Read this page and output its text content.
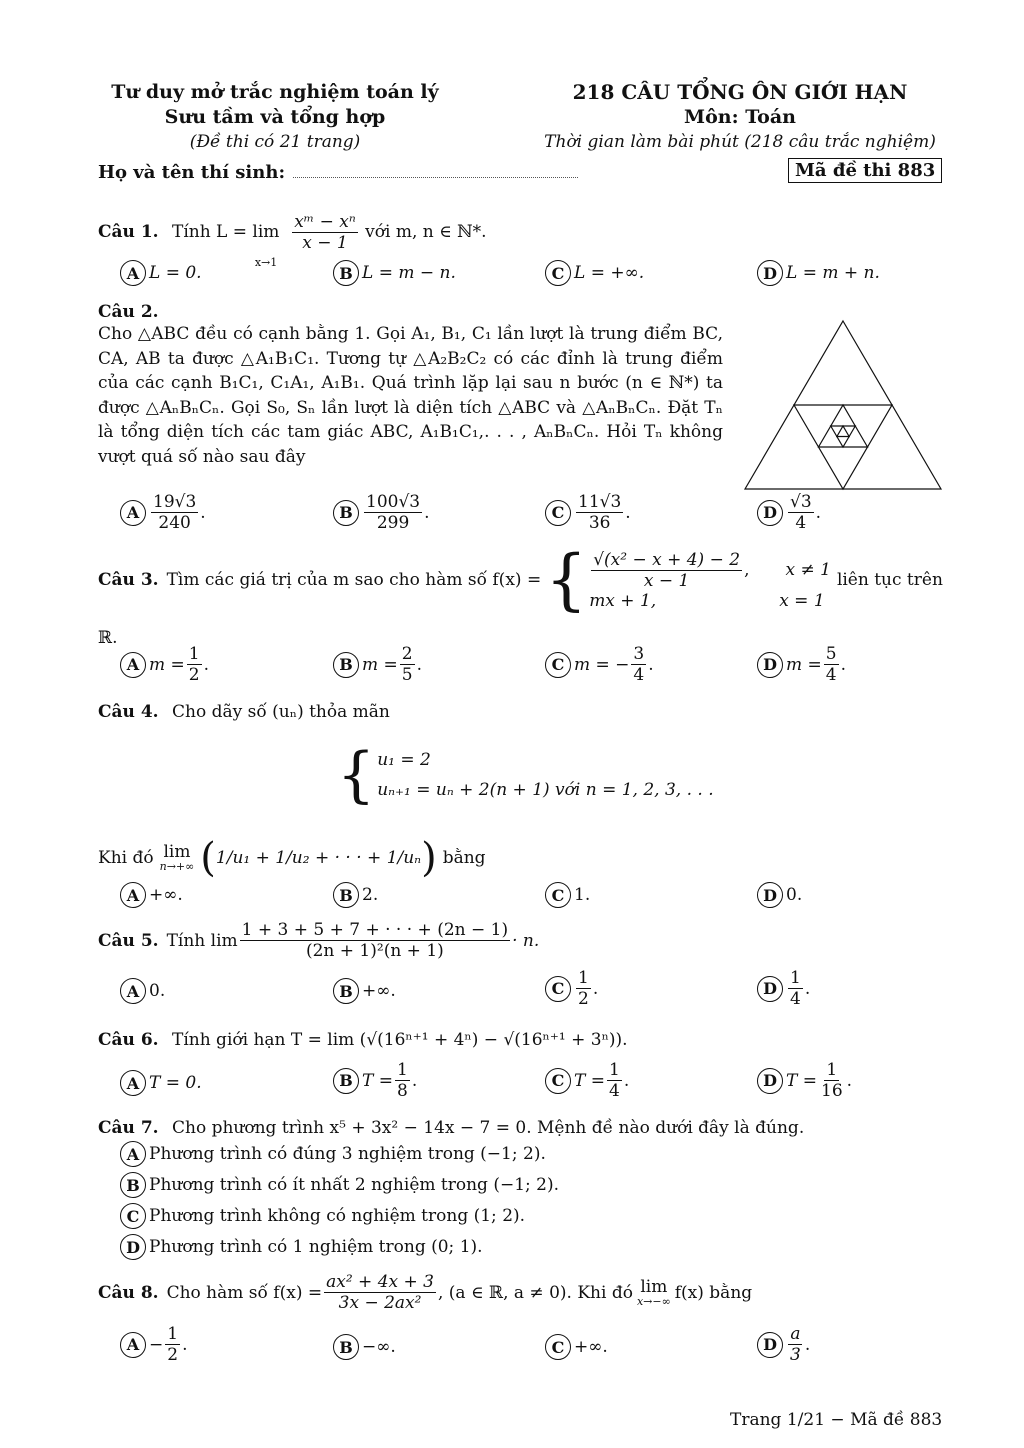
Tư duy mở trắc nghiệm toán lý
Sưu tầm và tổng hợp
(Đề thi có 21 trang)
218 CÂU TỔNG ÔN GIỚI HẠN
Môn: Toán
Thời gian làm bài phút (218 câu trắc nghiệm)
Họ và tên thí sinh:	Mã đề thi 883
Câu 1. Tính L = lim
x→1

$\frac{\text{xᵐ − xⁿ}}{x - 1}$ với m, n ∈ ℕ*.
A L = 0.	B L = m − n.	C L = +∞.	D L = m + n.
Câu 2.
Cho △ABC đều có cạnh bằng 1. Gọi A₁, B₁, C₁ lần lượt là trung điểm BC, CA, AB ta được △A₁B₁C₁. Tương tự △A₂B₂C₂ có các đỉnh là trung điểm của các cạnh B₁C₁, C₁A₁, A₁B₁. Quá trình lặp lại sau n bước (n ∈ ℕ*) ta được △AₙBₙCₙ. Gọi S₀, Sₙ lần lượt là diện tích △ABC và △AₙBₙCₙ. Đặt Tₙ là tổng diện tích các tam giác ABC, A₁B₁C₁,. . . , AₙBₙCₙ. Hỏi Tₙ không vượt quá số nào sau đây
A $\frac{19√3}{240}$ .	B $\frac{100√3}{299}$ .	C $\frac{11√3}{36}$ .	D $\frac{√3}{4}$ .
Câu 3. Tìm các giá trị của m sao cho hàm số f(x) = { $\frac{\text{√(x² − x + 4) − 2}}{x - 1}$ , x ≠ 1
mx + 1,	x = 1
liên tục trên
ℝ.
A $m = \frac{1}{2}$ .	B $m = \frac{2}{5}$ .	C m = − $\frac{3}{4}$ .	D $m = \frac{5}{4}$ .
Câu 4. Cho dãy số (uₙ) thỏa mãn
{ u₁ = 2
uₙ₊₁ = uₙ + 2(n + 1) với n = 1, 2, 3, . . .
Khi đó lim
n→+∞ ( 1/u₁ + 1/u₂ + · · · + 1/uₙ ) bằng
A +∞.	B 2.	C 1.	D 0.
Câu 5. Tính $\lim \frac{1 + 3 + 5 + 7 + \cdot \cdot \cdot + (2n - 1)}{\text{(2n + 1)²(n + 1)}} \cdot n$.
A 0.	B +∞.	C $\frac{1}{2}$ .	D $\frac{1}{4}$ .
Câu 6. Tính giới hạn T = lim (√(16ⁿ⁺¹ + 4ⁿ) − √(16ⁿ⁺¹ + 3ⁿ)).
A T = 0.	B $T = \frac{1}{8}$ .	C $T = \frac{1}{4}$ .	D $T = \frac{1}{16}$ .
Câu 7. Cho phương trình x⁵ + 3x² − 14x − 7 = 0. Mệnh đề nào dưới đây là đúng.
A Phương trình có đúng 3 nghiệm trong (−1; 2).
B Phương trình có ít nhất 2 nghiệm trong (−1; 2).
C Phương trình không có nghiệm trong (1; 2).
D Phương trình có 1 nghiệm trong (0; 1).
Câu 8. Cho hàm số $f(x) = \frac{\text{ax² + 4x + 3}}{\text{3x − 2ax²}}$ , (a ∈ ℝ, a ≠ 0). Khi đó lim
x→−∞ f(x) bằng
$A - \frac{1}{2}$ .	B −∞.	C +∞.	D $\frac{a}{3}$ .
Trang 1/21 − Mã đề 883
